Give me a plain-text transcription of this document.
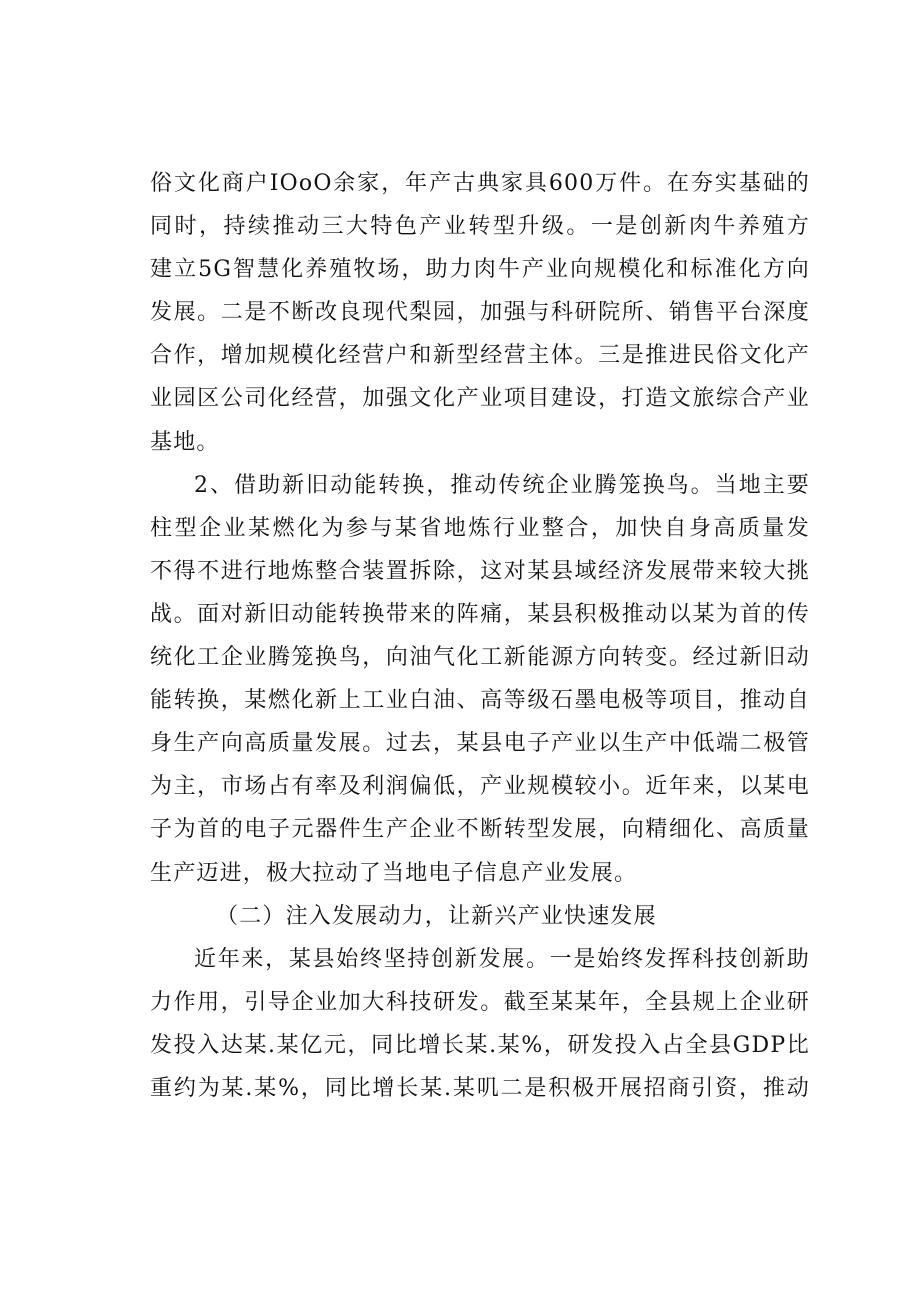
俗文化商户IOoO余家，年产古典家具600万件。在夯实基础的
同时，持续推动三大特色产业转型升级。一是创新肉牛养殖方
建立5G智慧化养殖牧场，助力肉牛产业向规模化和标准化方向
发展。二是不断改良现代梨园，加强与科研院所、销售平台深度
合作，增加规模化经营户和新型经营主体。三是推进民俗文化产
业园区公司化经营，加强文化产业项目建设，打造文旅综合产业
基地。
2、借助新旧动能转换，推动传统企业腾笼换鸟。当地主要
柱型企业某燃化为参与某省地炼行业整合，加快自身高质量发
不得不进行地炼整合装置拆除，这对某县域经济发展带来较大挑
战。面对新旧动能转换带来的阵痛，某县积极推动以某为首的传
统化工企业腾笼换鸟，向油气化工新能源方向转变。经过新旧动
能转换，某燃化新上工业白油、高等级石墨电极等项目，推动自
身生产向高质量发展。过去，某县电子产业以生产中低端二极管
为主，市场占有率及利润偏低，产业规模较小。近年来，以某电
子为首的电子元器件生产企业不断转型发展，向精细化、高质量
生产迈进，极大拉动了当地电子信息产业发展。
（二）注入发展动力，让新兴产业快速发展
近年来，某县始终坚持创新发展。一是始终发挥科技创新助
力作用，引导企业加大科技研发。截至某某年，全县规上企业研
发投入达某.某亿元，同比增长某.某%，研发投入占全县GDP比
重约为某.某%，同比增长某.某叽二是积极开展招商引资，推动
